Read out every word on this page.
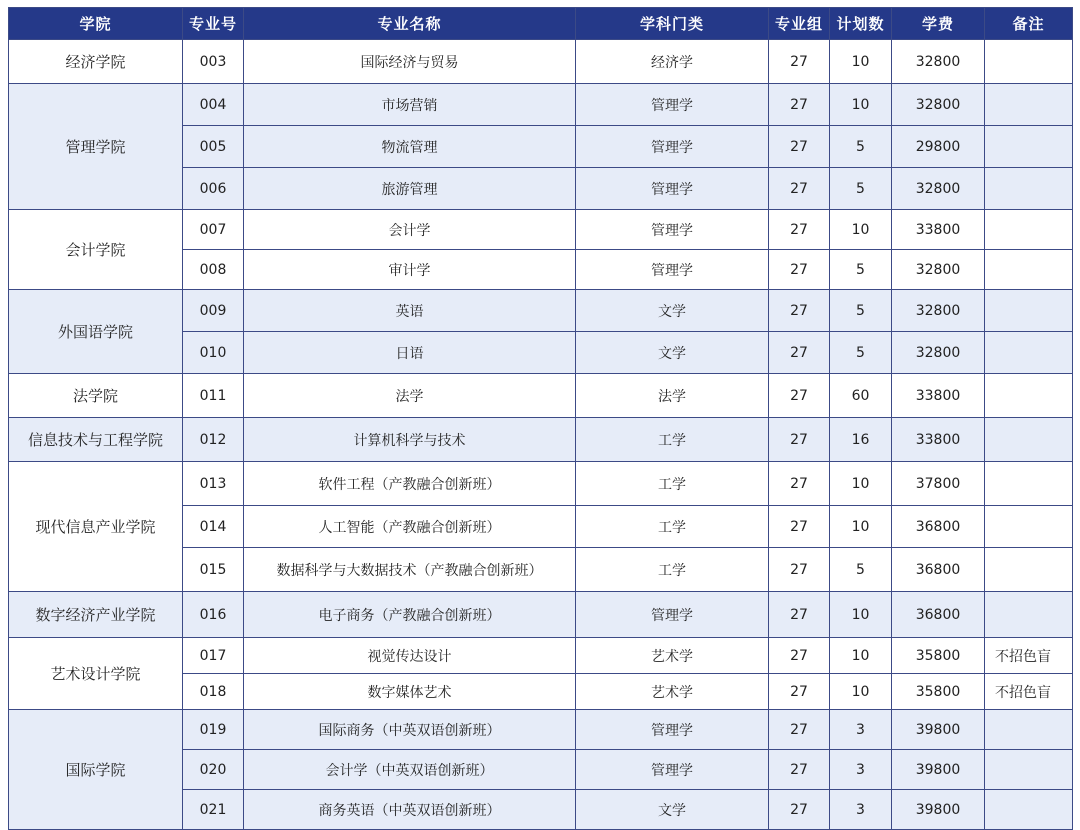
学院	专业号	专业名称	学科门类	专业组	计划数	学费	备注
经济学院	003	国际经济与贸易	经济学	27	10	32800	
管理学院	004	市场营销	管理学	27	10	32800	
	005	物流管理	管理学	27	5	29800	
	006	旅游管理	管理学	27	5	32800	
会计学院	007	会计学	管理学	27	10	33800	
	008	审计学	管理学	27	5	32800	
外国语学院	009	英语	文学	27	5	32800	
	010	日语	文学	27	5	32800	
法学院	011	法学	法学	27	60	33800	
信息技术与工程学院	012	计算机科学与技术	工学	27	16	33800	
现代信息产业学院	013	软件工程（产教融合创新班）	工学	27	10	37800	
	014	人工智能（产教融合创新班）	工学	27	10	36800	
	015	数据科学与大数据技术（产教融合创新班）	工学	27	5	36800	
数字经济产业学院	016	电子商务（产教融合创新班）	管理学	27	10	36800	
艺术设计学院	017	视觉传达设计	艺术学	27	10	35800	不招色盲
	018	数字媒体艺术	艺术学	27	10	35800	不招色盲
国际学院	019	国际商务（中英双语创新班）	管理学	27	3	39800	
	020	会计学（中英双语创新班）	管理学	27	3	39800	
	021	商务英语（中英双语创新班）	文学	27	3	39800	
